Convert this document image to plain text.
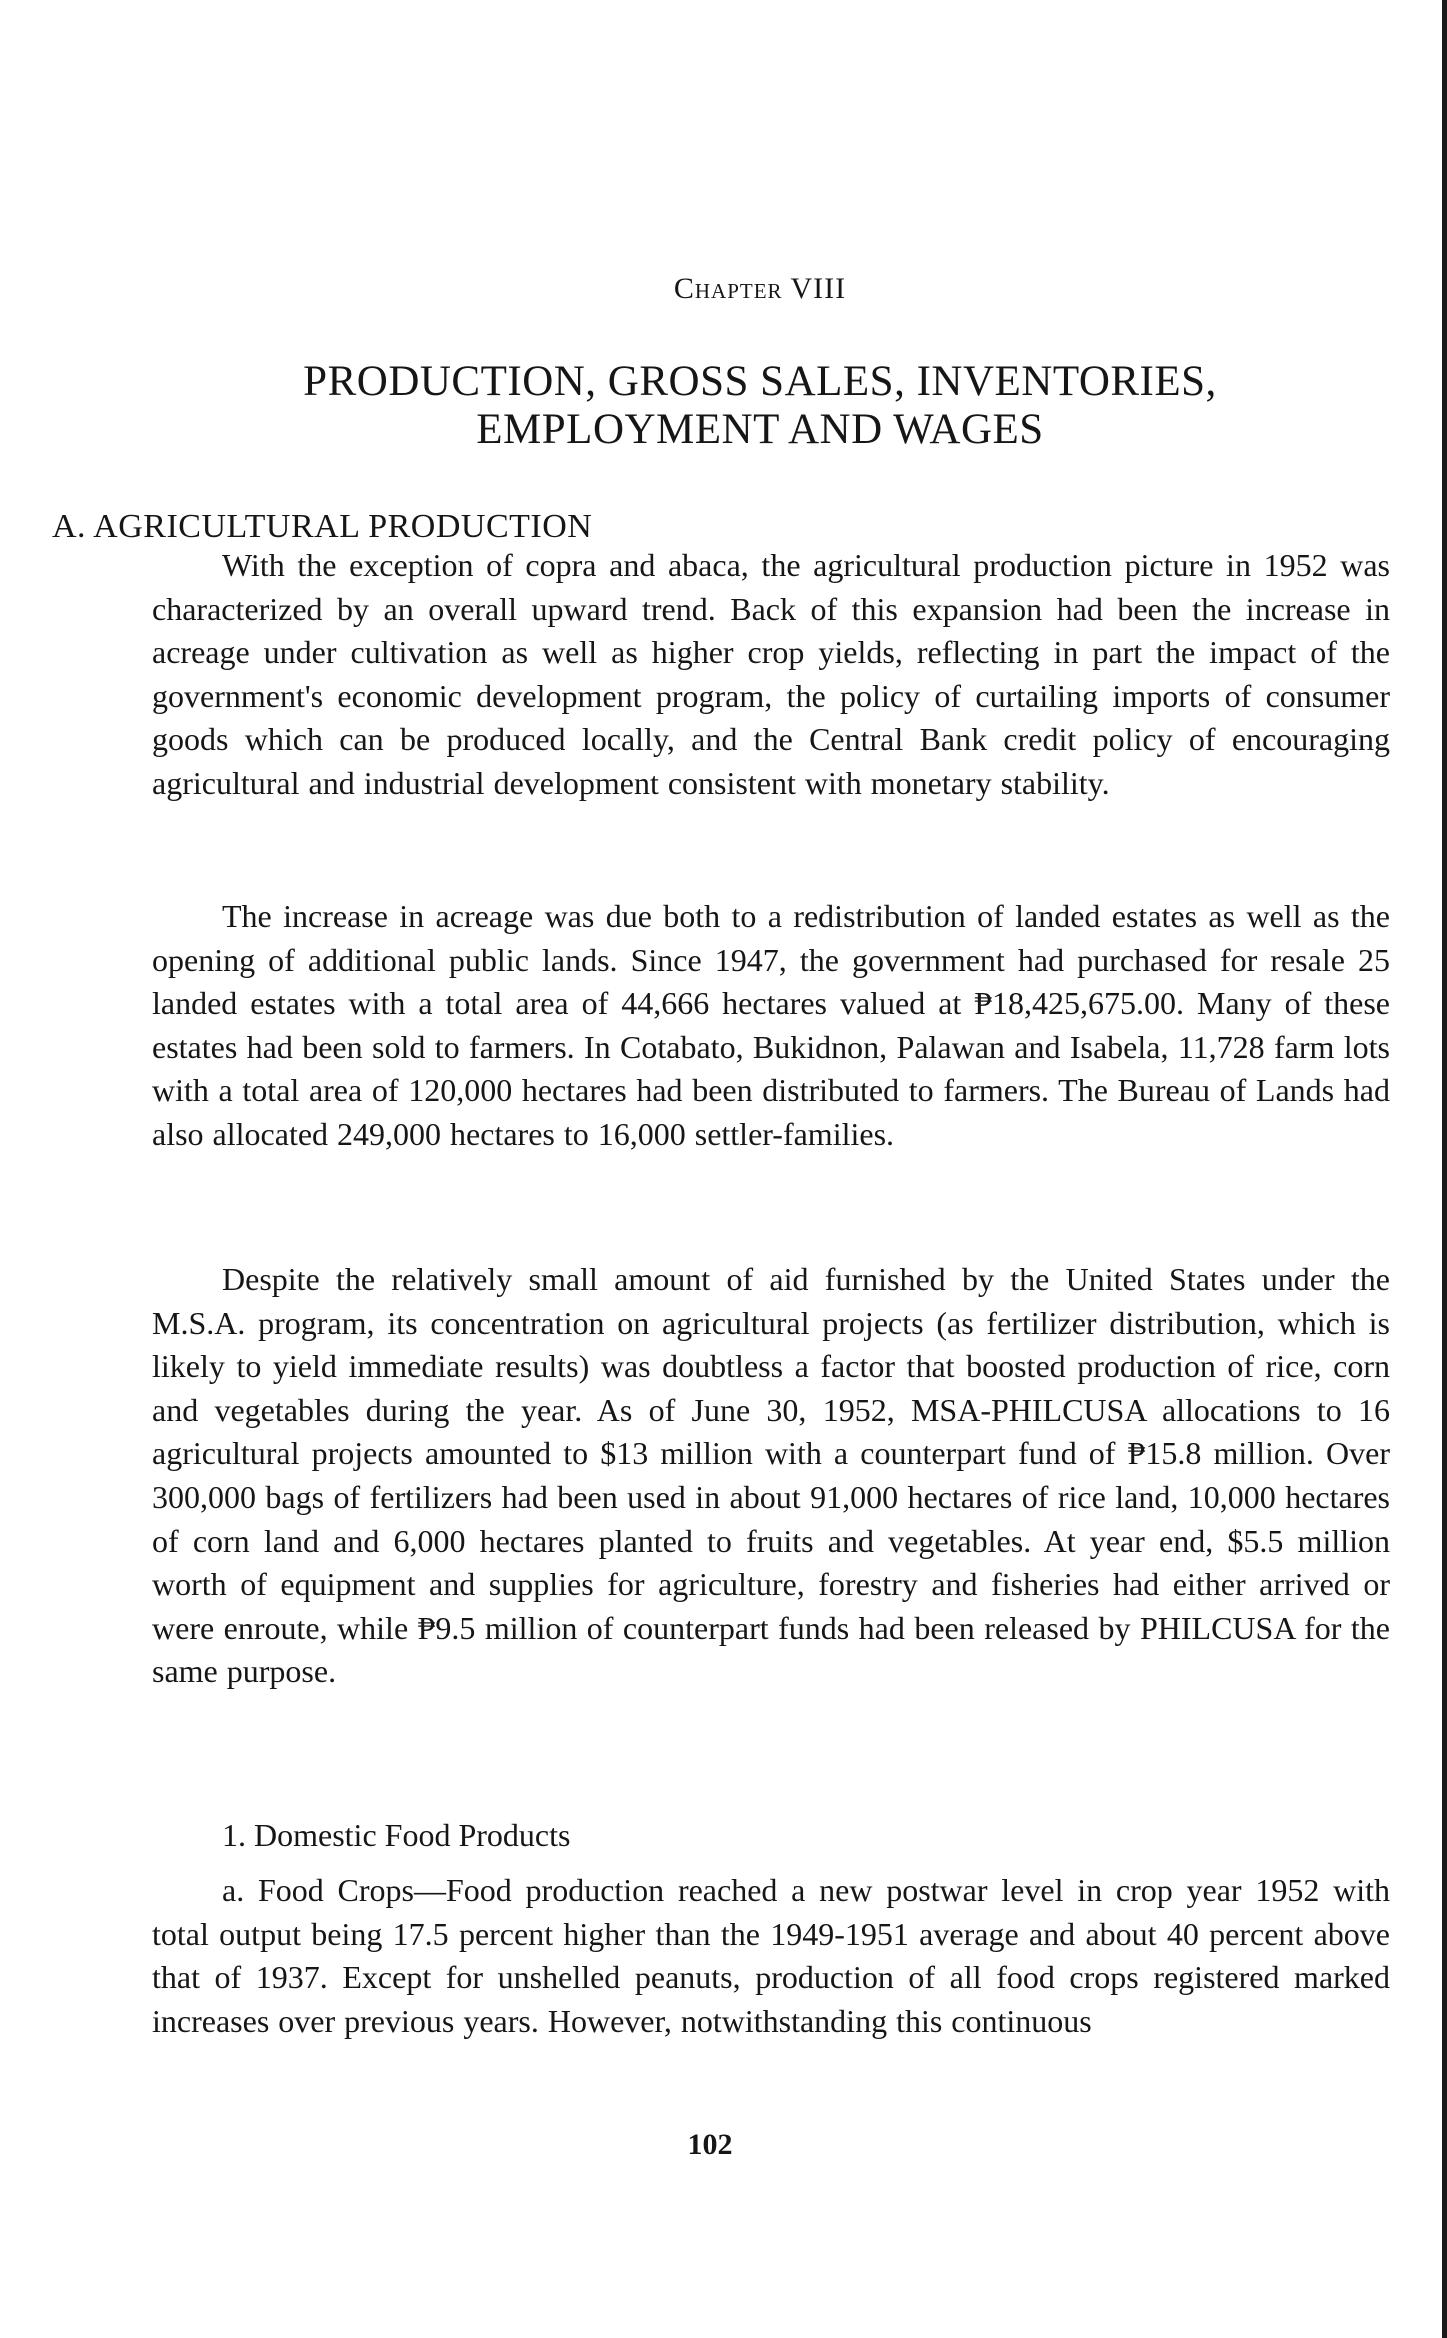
Chapter VIII
PRODUCTION, GROSS SALES, INVENTORIES,
EMPLOYMENT AND WAGES
A. AGRICULTURAL PRODUCTION

With the exception of copra and abaca, the agricultural production picture in 1952 was characterized by an overall upward trend. Back of this expansion had been the increase in acreage under cultivation as well as higher crop yields, reflecting in part the impact of the government's economic development program, the policy of curtailing imports of consumer goods which can be produced locally, and the Central Bank credit policy of encouraging agricultural and industrial development consistent with monetary stability.

The increase in acreage was due both to a redistribution of landed estates as well as the opening of additional public lands. Since 1947, the government had purchased for resale 25 landed estates with a total area of 44,666 hectares valued at ₱18,425,675.00. Many of these estates had been sold to farmers. In Cotabato, Bukidnon, Palawan and Isabela, 11,728 farm lots with a total area of 120,000 hectares had been distributed to farmers. The Bureau of Lands had also allocated 249,000 hectares to 16,000 settler-families.

Despite the relatively small amount of aid furnished by the United States under the M.S.A. program, its concentration on agricultural projects (as fertilizer distribution, which is likely to yield immediate results) was doubtless a factor that boosted production of rice, corn and vegetables during the year. As of June 30, 1952, MSA-PHILCUSA allocations to 16 agricultural projects amounted to $13 million with a counterpart fund of ₱15.8 million. Over 300,000 bags of fertilizers had been used in about 91,000 hectares of rice land, 10,000 hectares of corn land and 6,000 hectares planted to fruits and vegetables. At year end, $5.5 million worth of equipment and supplies for agriculture, forestry and fisheries had either arrived or were enroute, while ₱9.5 million of counterpart funds had been released by PHILCUSA for the same purpose.

1. Domestic Food Products

a. Food Crops—Food production reached a new postwar level in crop year 1952 with total output being 17.5 percent higher than the 1949-1951 average and about 40 percent above that of 1937. Except for unshelled peanuts, production of all food crops registered marked increases over previous years. However, notwithstanding this continuous

102
